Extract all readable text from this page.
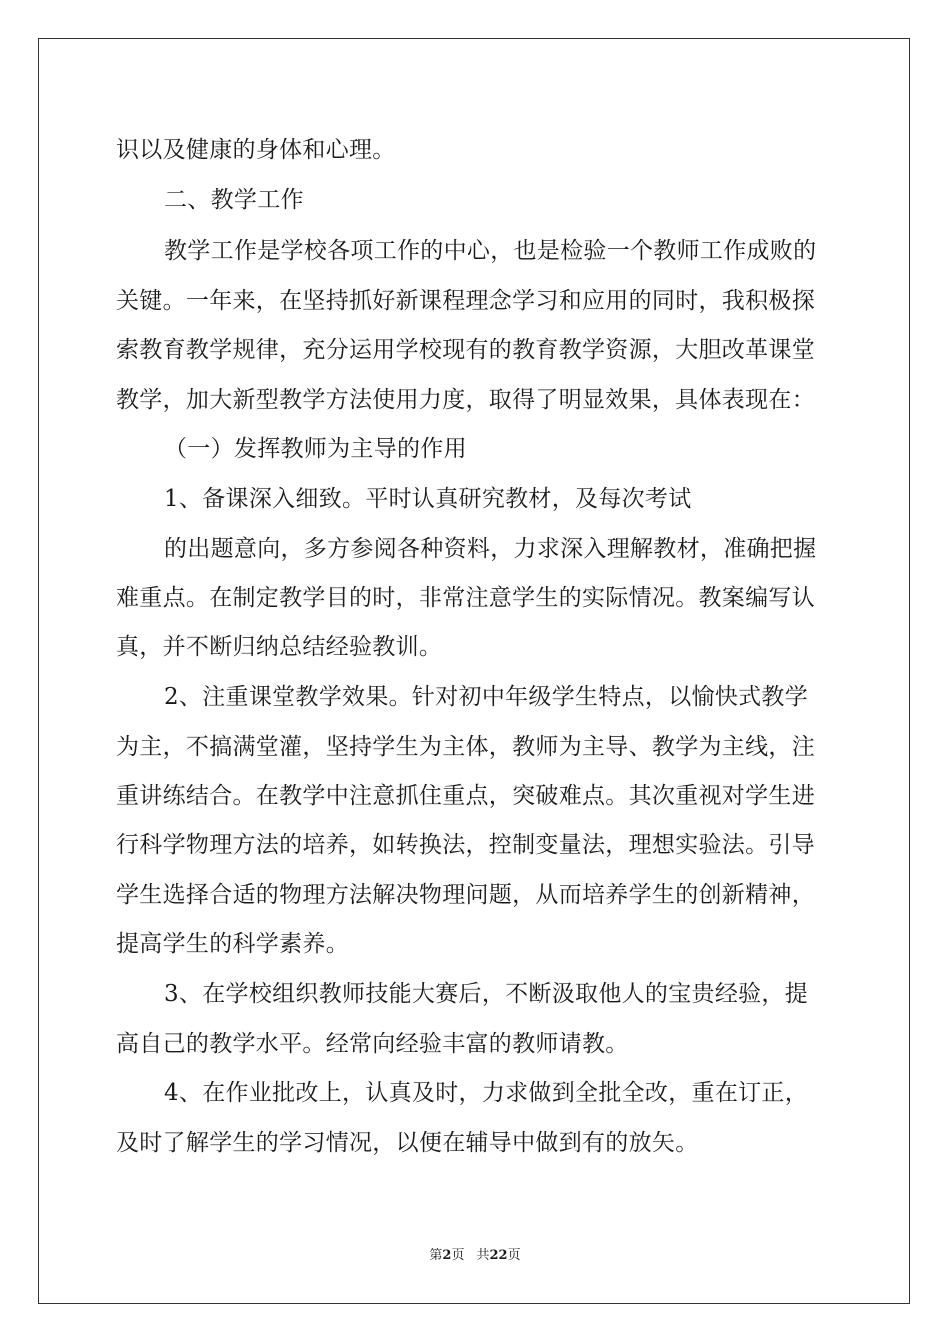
识以及健康的身体和心理。
二、教学工作
教学工作是学校各项工作的中心，也是检验一个教师工作成败的
关键。一年来，在坚持抓好新课程理念学习和应用的同时，我积极探
索教育教学规律，充分运用学校现有的教育教学资源，大胆改革课堂
教学，加大新型教学方法使用力度，取得了明显效果，具体表现在：
（一）发挥教师为主导的作用
1、备课深入细致。平时认真研究教材，及每次考试
的出题意向，多方参阅各种资料，力求深入理解教材，准确把握
难重点。在制定教学目的时，非常注意学生的实际情况。教案编写认
真，并不断归纳总结经验教训。
2、注重课堂教学效果。针对初中年级学生特点，以愉快式教学
为主，不搞满堂灌，坚持学生为主体，教师为主导、教学为主线，注
重讲练结合。在教学中注意抓住重点，突破难点。其次重视对学生进
行科学物理方法的培养，如转换法，控制变量法，理想实验法。引导
学生选择合适的物理方法解决物理问题，从而培养学生的创新精神，
提高学生的科学素养。
3、在学校组织教师技能大赛后，不断汲取他人的宝贵经验，提
高自己的教学水平。经常向经验丰富的教师请教。
4、在作业批改上，认真及时，力求做到全批全改，重在订正，
及时了解学生的学习情况，以便在辅导中做到有的放矢。
第2页 共22页
